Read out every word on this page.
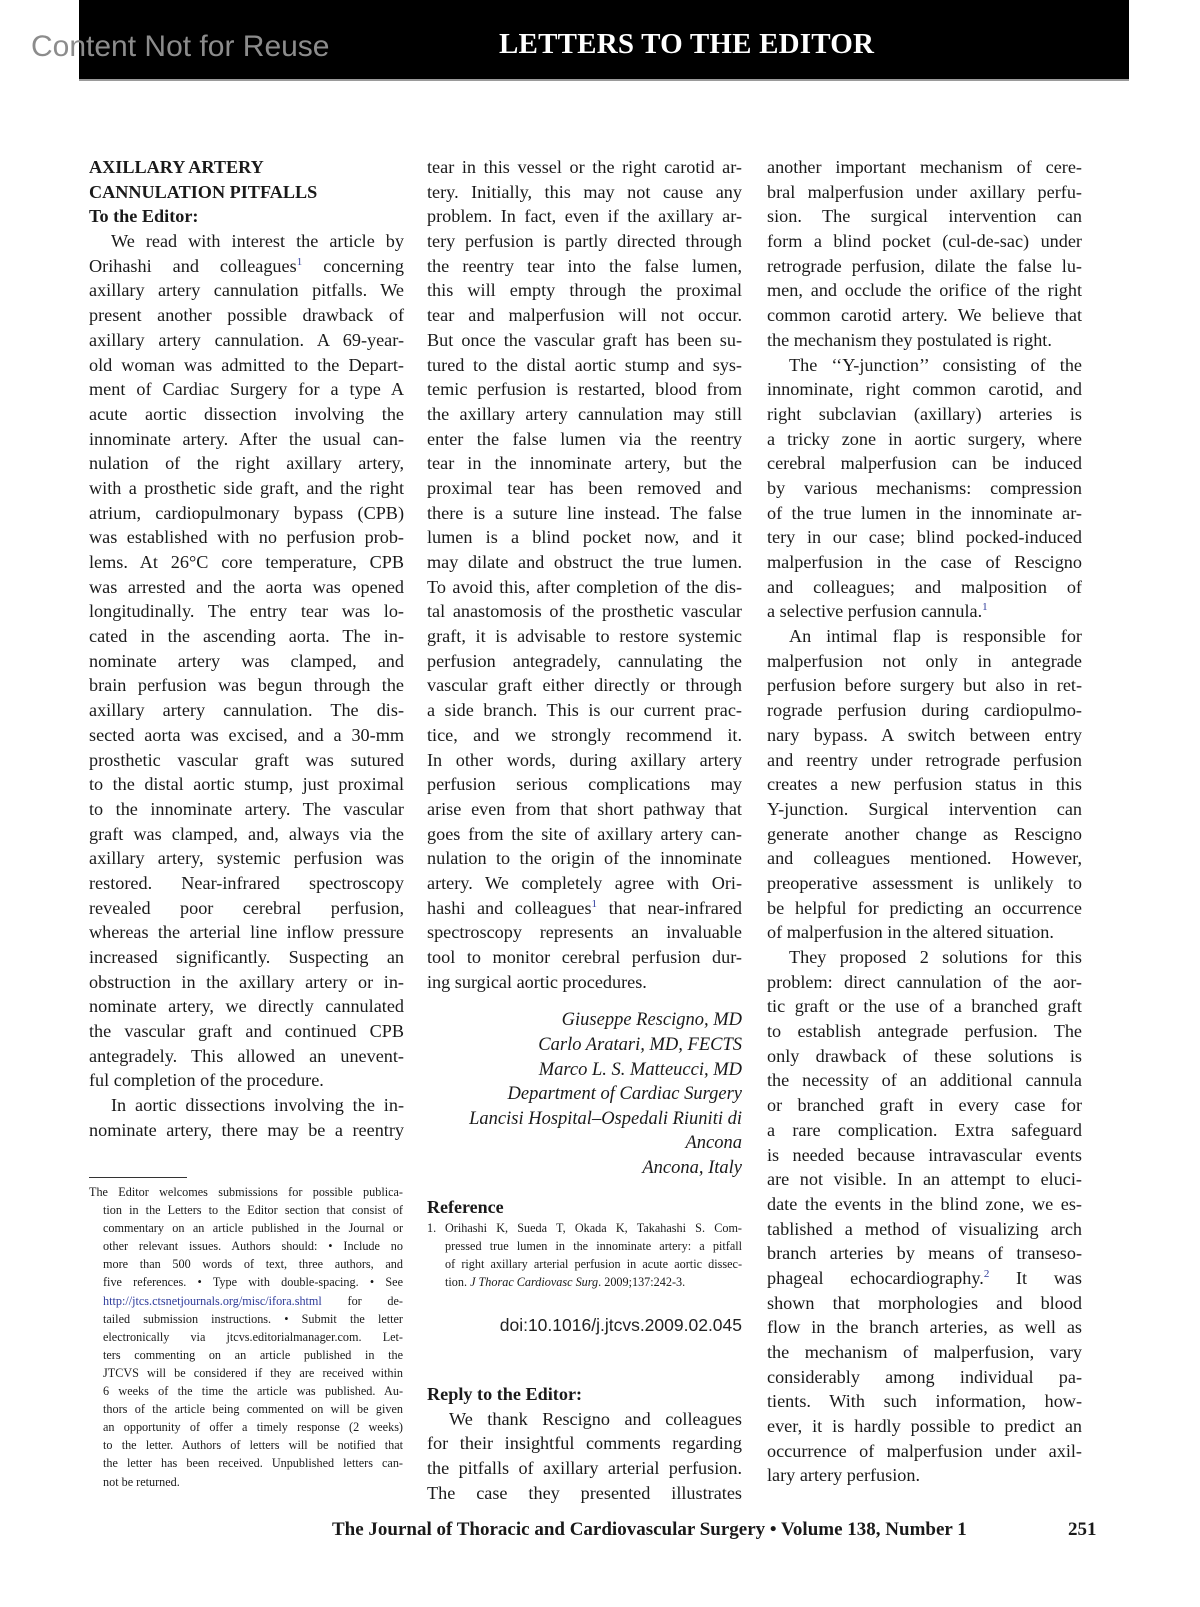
Content Not for Reuse	LETTERS TO THE EDITOR
AXILLARY ARTERY
CANNULATION PITFALLS
To the Editor:
We read with interest the article by
Orihashi and colleagues$^1$ concerning
axillary artery cannulation pitfalls. We
present another possible drawback of
axillary artery cannulation. A 69-year-
old woman was admitted to the Depart-
ment of Cardiac Surgery for a type A
acute aortic dissection involving the
innominate artery. After the usual can-
nulation of the right axillary artery,
with a prosthetic side graft, and the right
atrium, cardiopulmonary bypass (CPB)
was established with no perfusion prob-
lems. At 26°C core temperature, CPB
was arrested and the aorta was opened
longitudinally. The entry tear was lo-
cated in the ascending aorta. The in-
nominate artery was clamped, and
brain perfusion was begun through the
axillary artery cannulation. The dis-
sected aorta was excised, and a 30-mm
prosthetic vascular graft was sutured
to the distal aortic stump, just proximal
to the innominate artery. The vascular
graft was clamped, and, always via the
axillary artery, systemic perfusion was
restored. Near-infrared spectroscopy
revealed poor cerebral perfusion,
whereas the arterial line inflow pressure
increased significantly. Suspecting an
obstruction in the axillary artery or in-
nominate artery, we directly cannulated
the vascular graft and continued CPB
antegradely. This allowed an unevent-
ful completion of the procedure.
In aortic dissections involving the in-
nominate artery, there may be a reentry
tear in this vessel or the right carotid ar-
tery. Initially, this may not cause any
problem. In fact, even if the axillary ar-
tery perfusion is partly directed through
the reentry tear into the false lumen,
this will empty through the proximal
tear and malperfusion will not occur.
But once the vascular graft has been su-
tured to the distal aortic stump and sys-
temic perfusion is restarted, blood from
the axillary artery cannulation may still
enter the false lumen via the reentry
tear in the innominate artery, but the
proximal tear has been removed and
there is a suture line instead. The false
lumen is a blind pocket now, and it
may dilate and obstruct the true lumen.
To avoid this, after completion of the dis-
tal anastomosis of the prosthetic vascular
graft, it is advisable to restore systemic
perfusion antegradely, cannulating the
vascular graft either directly or through
a side branch. This is our current prac-
tice, and we strongly recommend it.
In other words, during axillary artery
perfusion serious complications may
arise even from that short pathway that
goes from the site of axillary artery can-
nulation to the origin of the innominate
artery. We completely agree with Ori-
hashi and colleagues$^1$ that near-infrared
spectroscopy represents an invaluable
tool to monitor cerebral perfusion dur-
ing surgical aortic procedures.
Giuseppe Rescigno, MD
Carlo Aratari, MD, FECTS
Marco L. S. Matteucci, MD
Department of Cardiac Surgery
Lancisi Hospital–Ospedali Riuniti di
Ancona
Ancona, Italy
Reference
1. Orihashi K, Sueda T, Okada K, Takahashi S. Com-
pressed true lumen in the innominate artery: a pitfall
of right axillary arterial perfusion in acute aortic dissec-
tion. J Thorac Cardiovasc Surg. 2009;137:242-3.
doi:10.1016/j.jtcvs.2009.02.045
Reply to the Editor:
We thank Rescigno and colleagues
for their insightful comments regarding
the pitfalls of axillary arterial perfusion.
The case they presented illustrates
another important mechanism of cere-
bral malperfusion under axillary perfu-
sion. The surgical intervention can
form a blind pocket (cul-de-sac) under
retrograde perfusion, dilate the false lu-
men, and occlude the orifice of the right
common carotid artery. We believe that
the mechanism they postulated is right.
The ‘‘Y-junction’’ consisting of the
innominate, right common carotid, and
right subclavian (axillary) arteries is
a tricky zone in aortic surgery, where
cerebral malperfusion can be induced
by various mechanisms: compression
of the true lumen in the innominate ar-
tery in our case; blind pocked-induced
malperfusion in the case of Rescigno
and colleagues; and malposition of
a selective perfusion cannula.$^1$
An intimal flap is responsible for
malperfusion not only in antegrade
perfusion before surgery but also in ret-
rograde perfusion during cardiopulmo-
nary bypass. A switch between entry
and reentry under retrograde perfusion
creates a new perfusion status in this
Y-junction. Surgical intervention can
generate another change as Rescigno
and colleagues mentioned. However,
preoperative assessment is unlikely to
be helpful for predicting an occurrence
of malperfusion in the altered situation.
They proposed 2 solutions for this
problem: direct cannulation of the aor-
tic graft or the use of a branched graft
to establish antegrade perfusion. The
only drawback of these solutions is
the necessity of an additional cannula
or branched graft in every case for
a rare complication. Extra safeguard
is needed because intravascular events
are not visible. In an attempt to eluci-
date the events in the blind zone, we es-
tablished a method of visualizing arch
branch arteries by means of transeso-
phageal echocardiography.$^2$ It was
shown that morphologies and blood
flow in the branch arteries, as well as
the mechanism of malperfusion, vary
considerably among individual pa-
tients. With such information, how-
ever, it is hardly possible to predict an
occurrence of malperfusion under axil-
lary artery perfusion.
The Editor welcomes submissions for possible publica-
tion in the Letters to the Editor section that consist of
commentary on an article published in the Journal or
other relevant issues. Authors should: • Include no
more than 500 words of text, three authors, and
five references. • Type with double-spacing. • See
http://jtcs.ctsnetjournals.org/misc/ifora.shtml for de-
tailed submission instructions. • Submit the letter
electronically via jtcvs.editorialmanager.com. Let-
ters commenting on an article published in the
JTCVS will be considered if they are received within
6 weeks of the time the article was published. Au-
thors of the article being commented on will be given
an opportunity of offer a timely response (2 weeks)
to the letter. Authors of letters will be notified that
the letter has been received. Unpublished letters can-
not be returned.
The Journal of Thoracic and Cardiovascular Surgery • Volume 138, Number 1	251
